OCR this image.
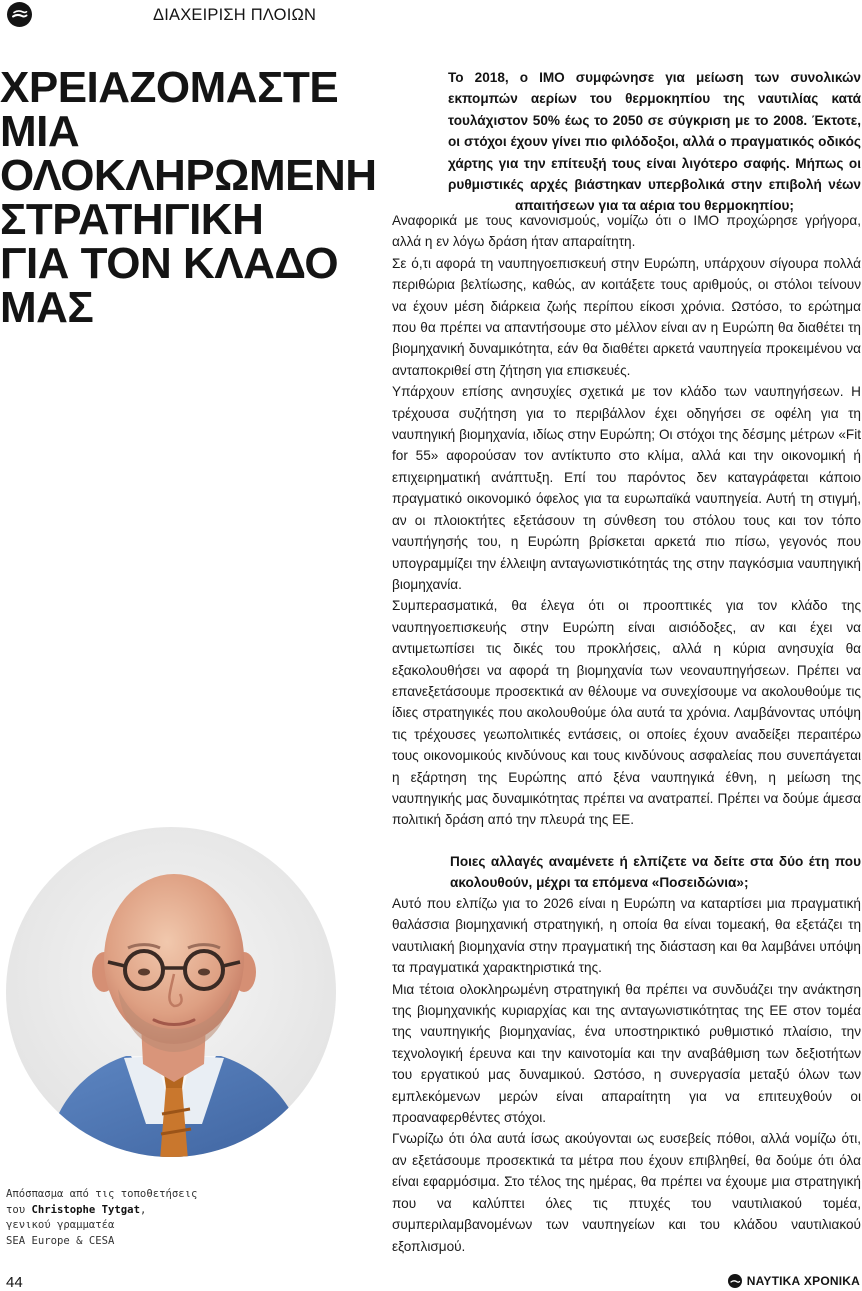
ΔΙΑΧΕΙΡΙΣΗ ΠΛΟΙΩΝ
ΧΡΕΙΑΖΟΜΑΣΤΕ
ΜΙΑ
ΟΛΟΚΛΗΡΩΜΕΝΗ
ΣΤΡΑΤΗΓΙΚΗ
ΓΙΑ ΤΟΝ ΚΛΑΔΟ
ΜΑΣ

Το 2018, ο IMO συμφώνησε για μείωση των συνολικών εκπομπών αερίων του θερμοκηπίου της ναυτιλίας κατά τουλάχιστον 50% έως το 2050 σε σύγκριση με το 2008. Έκτοτε, οι στόχοι έχουν γίνει πιο φιλόδοξοι, αλλά ο πραγματικός οδικός χάρτης για την επίτευξή τους είναι λιγότερο σαφής. Μήπως οι ρυθμιστικές αρχές βιάστηκαν υπερβολικά στην επιβολή νέων απαιτήσεων για τα αέρια του θερμοκηπίου;

Αναφορικά με τους κανονισμούς, νομίζω ότι ο IMO προχώρησε γρήγορα, αλλά η εν λόγω δράση ήταν απαραίτητη.

Σε ό,τι αφορά τη ναυπηγοεπισκευή στην Ευρώπη, υπάρχουν σίγουρα πολλά περιθώρια βελτίωσης, καθώς, αν κοιτάξετε τους αριθμούς, οι στόλοι τείνουν να έχουν μέση διάρκεια ζωής περίπου είκοσι χρόνια. Ωστόσο, το ερώτημα που θα πρέπει να απαντήσουμε στο μέλλον είναι αν η Ευρώπη θα διαθέτει τη βιομηχανική δυναμικότητα, εάν θα διαθέτει αρκετά ναυπηγεία προκειμένου να ανταποκριθεί στη ζήτηση για επισκευές.

Υπάρχουν επίσης ανησυχίες σχετικά με τον κλάδο των ναυπηγήσεων. Η τρέχουσα συζήτηση για το περιβάλλον έχει οδηγήσει σε οφέλη για τη ναυπηγική βιομηχανία, ιδίως στην Ευρώπη; Οι στόχοι της δέσμης μέτρων «Fit for 55» αφορούσαν τον αντίκτυπο στο κλίμα, αλλά και την οικονομική ή επιχειρηματική ανάπτυξη. Επί του παρόντος δεν καταγράφεται κάποιο πραγματικό οικονομικό όφελος για τα ευρωπαϊκά ναυπηγεία. Αυτή τη στιγμή, αν οι πλοιοκτήτες εξετάσουν τη σύνθεση του στόλου τους και τον τόπο ναυπήγησής του, η Ευρώπη βρίσκεται αρκετά πιο πίσω, γεγονός που υπογραμμίζει την έλλειψη ανταγωνιστικότητάς της στην παγκόσμια ναυπηγική βιομηχανία.

Συμπερασματικά, θα έλεγα ότι οι προοπτικές για τον κλάδο της ναυπηγοεπισκευής στην Ευρώπη είναι αισιόδοξες, αν και έχει να αντιμετωπίσει τις δικές του προκλήσεις, αλλά η κύρια ανησυχία θα εξακολουθήσει να αφορά τη βιομηχανία των νεοναυπηγήσεων. Πρέπει να επανεξετάσουμε προσεκτικά αν θέλουμε να συνεχίσουμε να ακολουθούμε τις ίδιες στρατηγικές που ακολουθούμε όλα αυτά τα χρόνια. Λαμβάνοντας υπόψη τις τρέχουσες γεωπολιτικές εντάσεις, οι οποίες έχουν αναδείξει περαιτέρω τους οικονομικούς κινδύνους και τους κινδύνους ασφαλείας που συνεπάγεται η εξάρτηση της Ευρώπης από ξένα ναυπηγικά έθνη, η μείωση της ναυπηγικής μας δυναμικότητας πρέπει να ανατραπεί. Πρέπει να δούμε άμεσα πολιτική δράση από την πλευρά της ΕΕ.

Ποιες αλλαγές αναμένετε ή ελπίζετε να δείτε στα δύο έτη που ακολουθούν, μέχρι τα επόμενα «Ποσειδώνια»;

Αυτό που ελπίζω για το 2026 είναι η Ευρώπη να καταρτίσει μια πραγματική θαλάσσια βιομηχανική στρατηγική, η οποία θα είναι τομεακή, θα εξετάζει τη ναυτιλιακή βιομηχανία στην πραγματική της διάσταση και θα λαμβάνει υπόψη τα πραγματικά χαρακτηριστικά της.

Μια τέτοια ολοκληρωμένη στρατηγική θα πρέπει να συνδυάζει την ανάκτηση της βιομηχανικής κυριαρχίας και της ανταγωνιστικότητας της ΕΕ στον τομέα της ναυπηγικής βιομηχανίας, ένα υποστηρικτικό ρυθμιστικό πλαίσιο, την τεχνολογική έρευνα και την καινοτομία και την αναβάθμιση των δεξιοτήτων του εργατικού μας δυναμικού. Ωστόσο, η συνεργασία μεταξύ όλων των εμπλεκόμενων μερών είναι απαραίτητη για να επιτευχθούν οι προαναφερθέντες στόχοι.

Γνωρίζω ότι όλα αυτά ίσως ακούγονται ως ευσεβείς πόθοι, αλλά νομίζω ότι, αν εξετάσουμε προσεκτικά τα μέτρα που έχουν επιβληθεί, θα δούμε ότι όλα είναι εφαρμόσιμα. Στο τέλος της ημέρας, θα πρέπει να έχουμε μια στρατηγική που να καλύπτει όλες τις πτυχές του ναυτιλιακού τομέα, συμπεριλαμβανομένων των ναυπηγείων και του κλάδου ναυτιλιακού εξοπλισμού.

Απόσπασμα από τις τοποθετήσεις
του Christophe Tytgat,
γενικού γραμματέα
SEA Europe & CESA

44	ΝΑΥΤΙΚΑ ΧΡΟΝΙΚΑ
